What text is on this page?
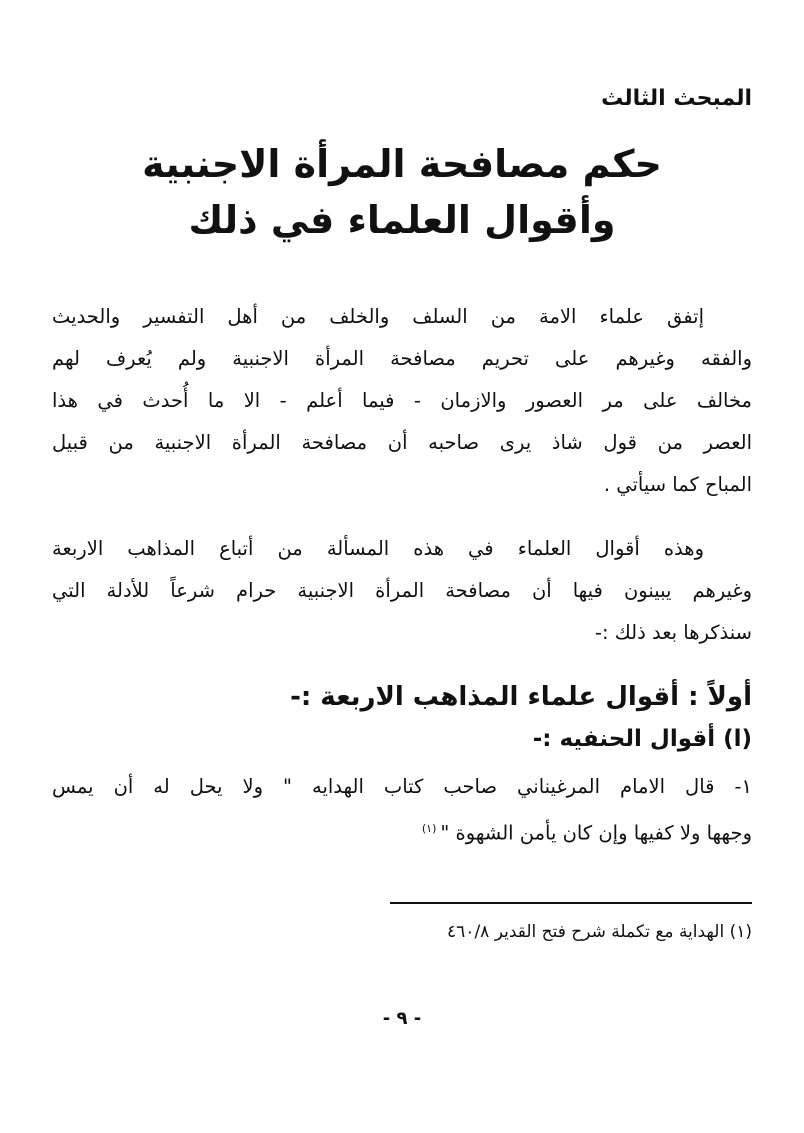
المبحث الثالث

حكم مصافحة المرأة الاجنبية
وأقوال العلماء في ذلك

إتفق علماء الامة من السلف والخلف من أهل التفسير والحديث
والفقه وغيرهم على تحريم مصافحة المرأة الاجنبية ولم يُعرف لهم
مخالف على مر العصور والازمان - فيما أعلم - الا ما أُحدث في هذا
العصر من قول شاذ يرى صاحبه أن مصافحة المرأة الاجنبية من قبيل
المباح كما سيأتي .

وهذه أقوال العلماء في هذه المسألة من أتباع المذاهب الاربعة
وغيرهم يبينون فيها أن مصافحة المرأة الاجنبية حرام شرعاً للأدلة التي
سنذكرها بعد ذلك :-

أولاً : أقوال علماء المذاهب الاربعة :-
(ا) أقوال الحنفيه :-

١- قال الامام المرغيناني صاحب كتاب الهدايه " ولا يحل له أن يمس
وجهها ولا كفيها وإن كان يأمن الشهوة "$^{(١)}$

(١) الهداية مع تكملة شرح فتح القدير ٤٦٠/٨

- ٩ -
